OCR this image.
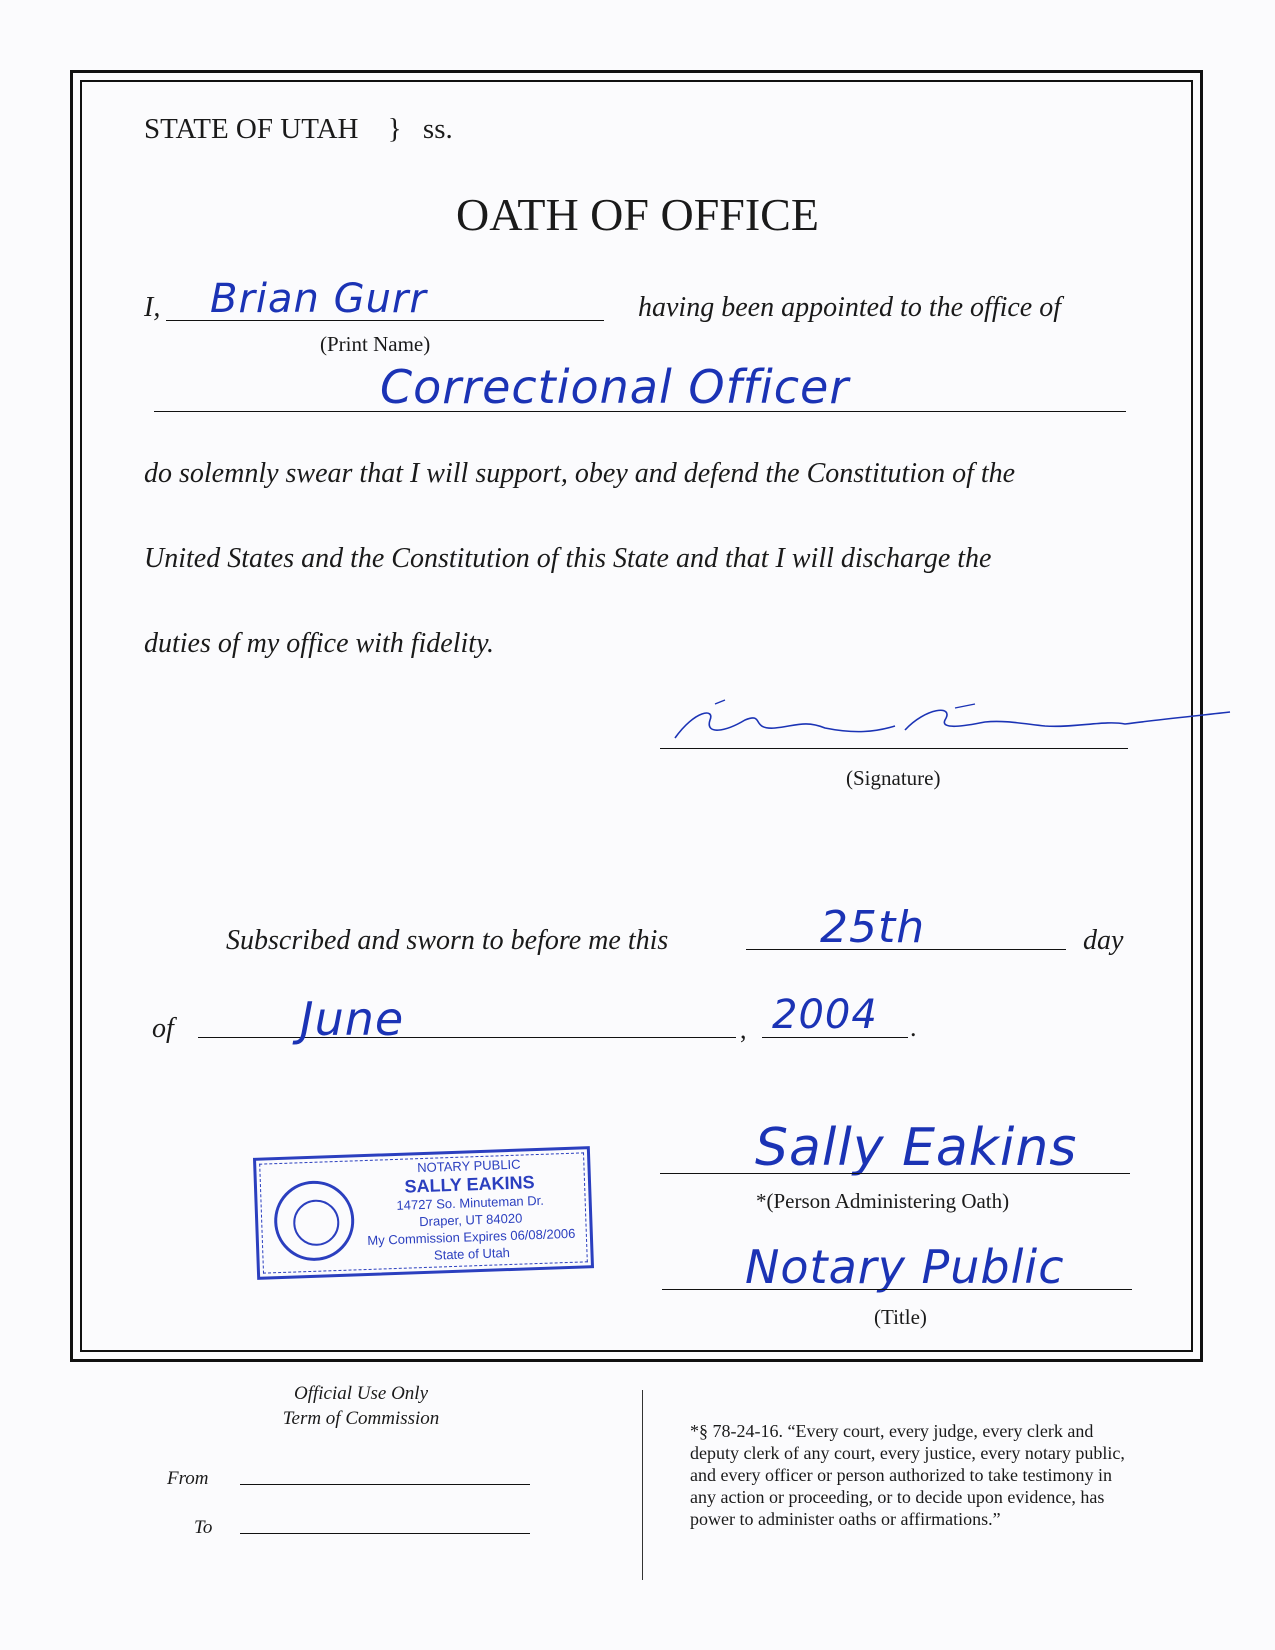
STATE OF UTAH } ss.
OATH OF OFFICE
I, Brian Gurr
(Print Name)
having been appointed to the office of
Correctional Officer
do solemnly swear that I will support, obey and defend the Constitution of the
United States and the Constitution of this State and that I will discharge the
duties of my office with fidelity.
(Signature)
Subscribed and sworn to before me this	25th	day
of	June	, 2004 .
NOTARY PUBLIC
SALLY EAKINS
14727 So. Minuteman Dr.
Draper, UT 84020
My Commission Expires 06/08/2006
State of Utah
Sally Eakins
*(Person Administering Oath)
Notary Public
(Title)
Official Use Only
Term of Commission
From
To
*§ 78-24-16. “Every court, every judge, every clerk and
deputy clerk of any court, every justice, every notary public,
and every officer or person authorized to take testimony in
any action or proceeding, or to decide upon evidence, has
power to administer oaths or affirmations.”
